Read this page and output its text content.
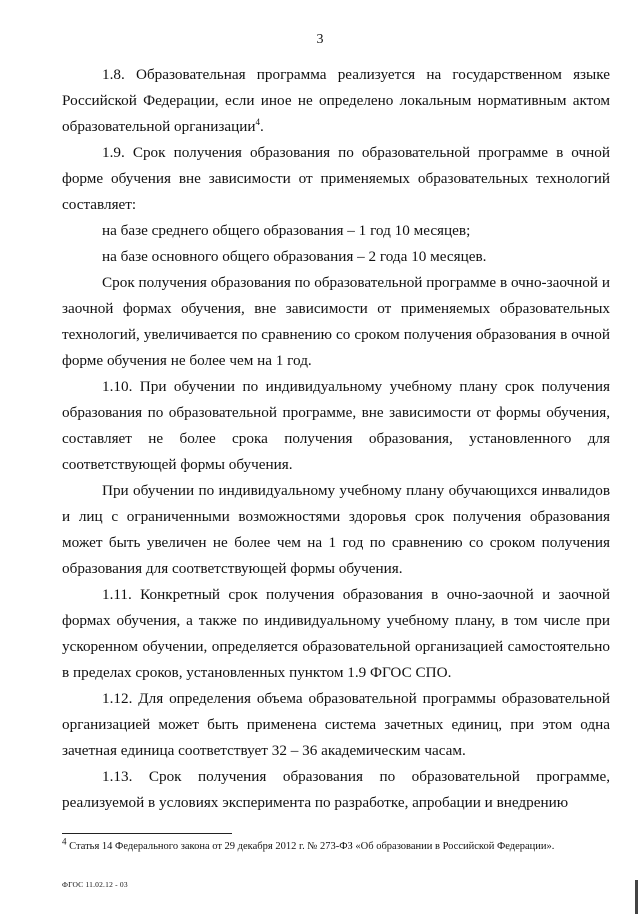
3

1.8. Образовательная программа реализуется на государственном языке Российской Федерации, если иное не определено локальным нормативным актом образовательной организации$^4$.

1.9. Срок получения образования по образовательной программе в очной форме обучения вне зависимости от применяемых образовательных технологий составляет:

на базе среднего общего образования – 1 год 10 месяцев;

на базе основного общего образования – 2 года 10 месяцев.

Срок получения образования по образовательной программе в очно-заочной и заочной формах обучения, вне зависимости от применяемых образовательных технологий, увеличивается по сравнению со сроком получения образования в очной форме обучения не более чем на 1 год.

1.10. При обучении по индивидуальному учебному плану срок получения образования по образовательной программе, вне зависимости от формы обучения, составляет не более срока получения образования, установленного для соответствующей формы обучения.

При обучении по индивидуальному учебному плану обучающихся инвалидов и лиц с ограниченными возможностями здоровья срок получения образования может быть увеличен не более чем на 1 год по сравнению со сроком получения образования для соответствующей формы обучения.

1.11. Конкретный срок получения образования в очно-заочной и заочной формах обучения, а также по индивидуальному учебному плану, в том числе при ускоренном обучении, определяется образовательной организацией самостоятельно в пределах сроков, установленных пунктом 1.9 ФГОС СПО.

1.12. Для определения объема образовательной программы образовательной организацией может быть применена система зачетных единиц, при этом одна зачетная единица соответствует 32 – 36 академическим часам.

1.13. Срок получения образования по образовательной программе, реализуемой в условиях эксперимента по разработке, апробации и внедрению

$^4$ Статья 14 Федерального закона от 29 декабря 2012 г. № 273-ФЗ «Об образовании в Российской Федерации».
ФГОС 11.02.12 - 03
